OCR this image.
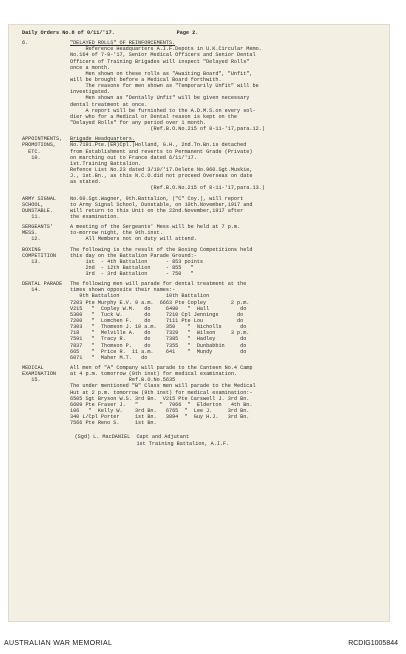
Daily Orders No.8 of 0/11/'17.	Page 2.
6.	"DELAYED ROLLS" OF REINFORCEMENTS.
Reference Headquarters A.I.F.Depots in U.K.Circular Memo.
No.164 of 7-9-'17, Senior Medical Officers and Senior Dental
Officers of Training Brigades will inspect "Delayed Rolls"
once a month.
Men shown on these rolls as "Awaiting Board", "Unfit",
will be brought before a Medical Board forthwith.
The reasons for men shown as "Temporarily Unfit" will be
investigated.
Men shown as "Dentally Unfit" will be given necessary
dental treatment at once.
A report will be furnished to the A.D.M.S.on every sol-
dier who for a Medical or Dental reason is kept on the
"Delayed Rolls" for any period over 1 month.
(Ref.B.O.No.215 of 8-11-'17,para.12.)
APPOINTMENTS,
PROMOTIONS,
ETC.
10.
Brigade Headquarters.
No.7191.Pte.(ER)Cpl.)Holland, G.H., 2nd.Tn.Bn.is detached
from Establishment and reverts to Permanent Grade (Private)
on marching out to France dated 6/11/'17.
1st.Training Battalion.
Refence List No.23 dated 3/10/'17.Delete No.960.Sgt.Muskie,
J., 1st.Bn., as this N.C.O.did not proceed Overseas on date
as stated.
(Ref.B.O.No.215 of 8-11-'17,para.13.)
ARMY SIGNAL
SCHOOL,
DUNSTABLE.
11.
No.60.Sgt.Wagner, 9th.Battalion, ("C" Coy.), will report
to Army Signal School, Dunstable, on 10th.November,1917 and
will return to this Unit on the 22nd.November,1917 after
the examination.
SERGEANTS'
MESS.
12.
A meeting of the Sergeants' Mess will be held at 7 p.m.
to-morrow night, the 9th.inst.
All Members not on duty will attend.
BOXING
COMPETITION
13.
The following is the result of the Boxing Competitions held
this day on the Battalion Parade Ground:-
1st  - 4th Battalion      - 853 points
2nd  - 12th Battalion     - 855   "
3rd  - 3rd Battalion      - 750   "
DENTAL PARADE
14.
The following men will parade for dental treatment at the
times shown opposite their names:-
9th Battalion               10th Battalion
7203 Pte Murphy E.V. 9 a.m.  6663 Pte Copley        2 p.m.
V215   "  Copley W.M.   do     6490   "  Hall          do
5300   "  Tuck W.       do     7210 Cpl Jennings      do
7200   "  Lomchen F.    do     7111 Pte Lou           do
7303   "  Thomson J. 10 a.m.   350    "  Nicholls      do
718    "  Melville A.   do     7329   "  Wilson     3 p.m.
7591   "  Tracy R.      do     7385   "  Hadley        do
7837   "  Thomson P.    do     7355   "  Dunbabbin     do
665    "  Price R.  11 a.m.    641    "  Mundy         do
6071   "  Maher M.T.   do
MEDICAL
EXAMINATION
15.
All men of "A" Company will parade to the Canteen No.4 Camp
at 4 p.m. tomorrow (9th inst) for medical examination.
Ref.B.O.No.5635
The under mentioned "B" Class men will parade to the Medical
Hut at 2 p.m. tomorrow (9th inst) for medical examination:-
6505 Sgt Bryson W.S. 3rd Bn.  V215 Pte Carswell J. 3rd Bn.
6609 Pte Fraser J.   "       "  7066  "  Elderton   4th Bn.
106   "  Kelly W.    3rd Bn.   6765  "  Lee J.     3rd Bn.
340 L/Cpl Porter     1st Bn.   3894  "  Guy H.J.   3rd Bn.
7566 Pte Reno S.     1st Bn.
(Sgd) L. MacDANIEL  Capt and Adjutant
1st Training Battalion, A.I.F.
AUSTRALIAN WAR MEMORIAL	RCDIG1005844
